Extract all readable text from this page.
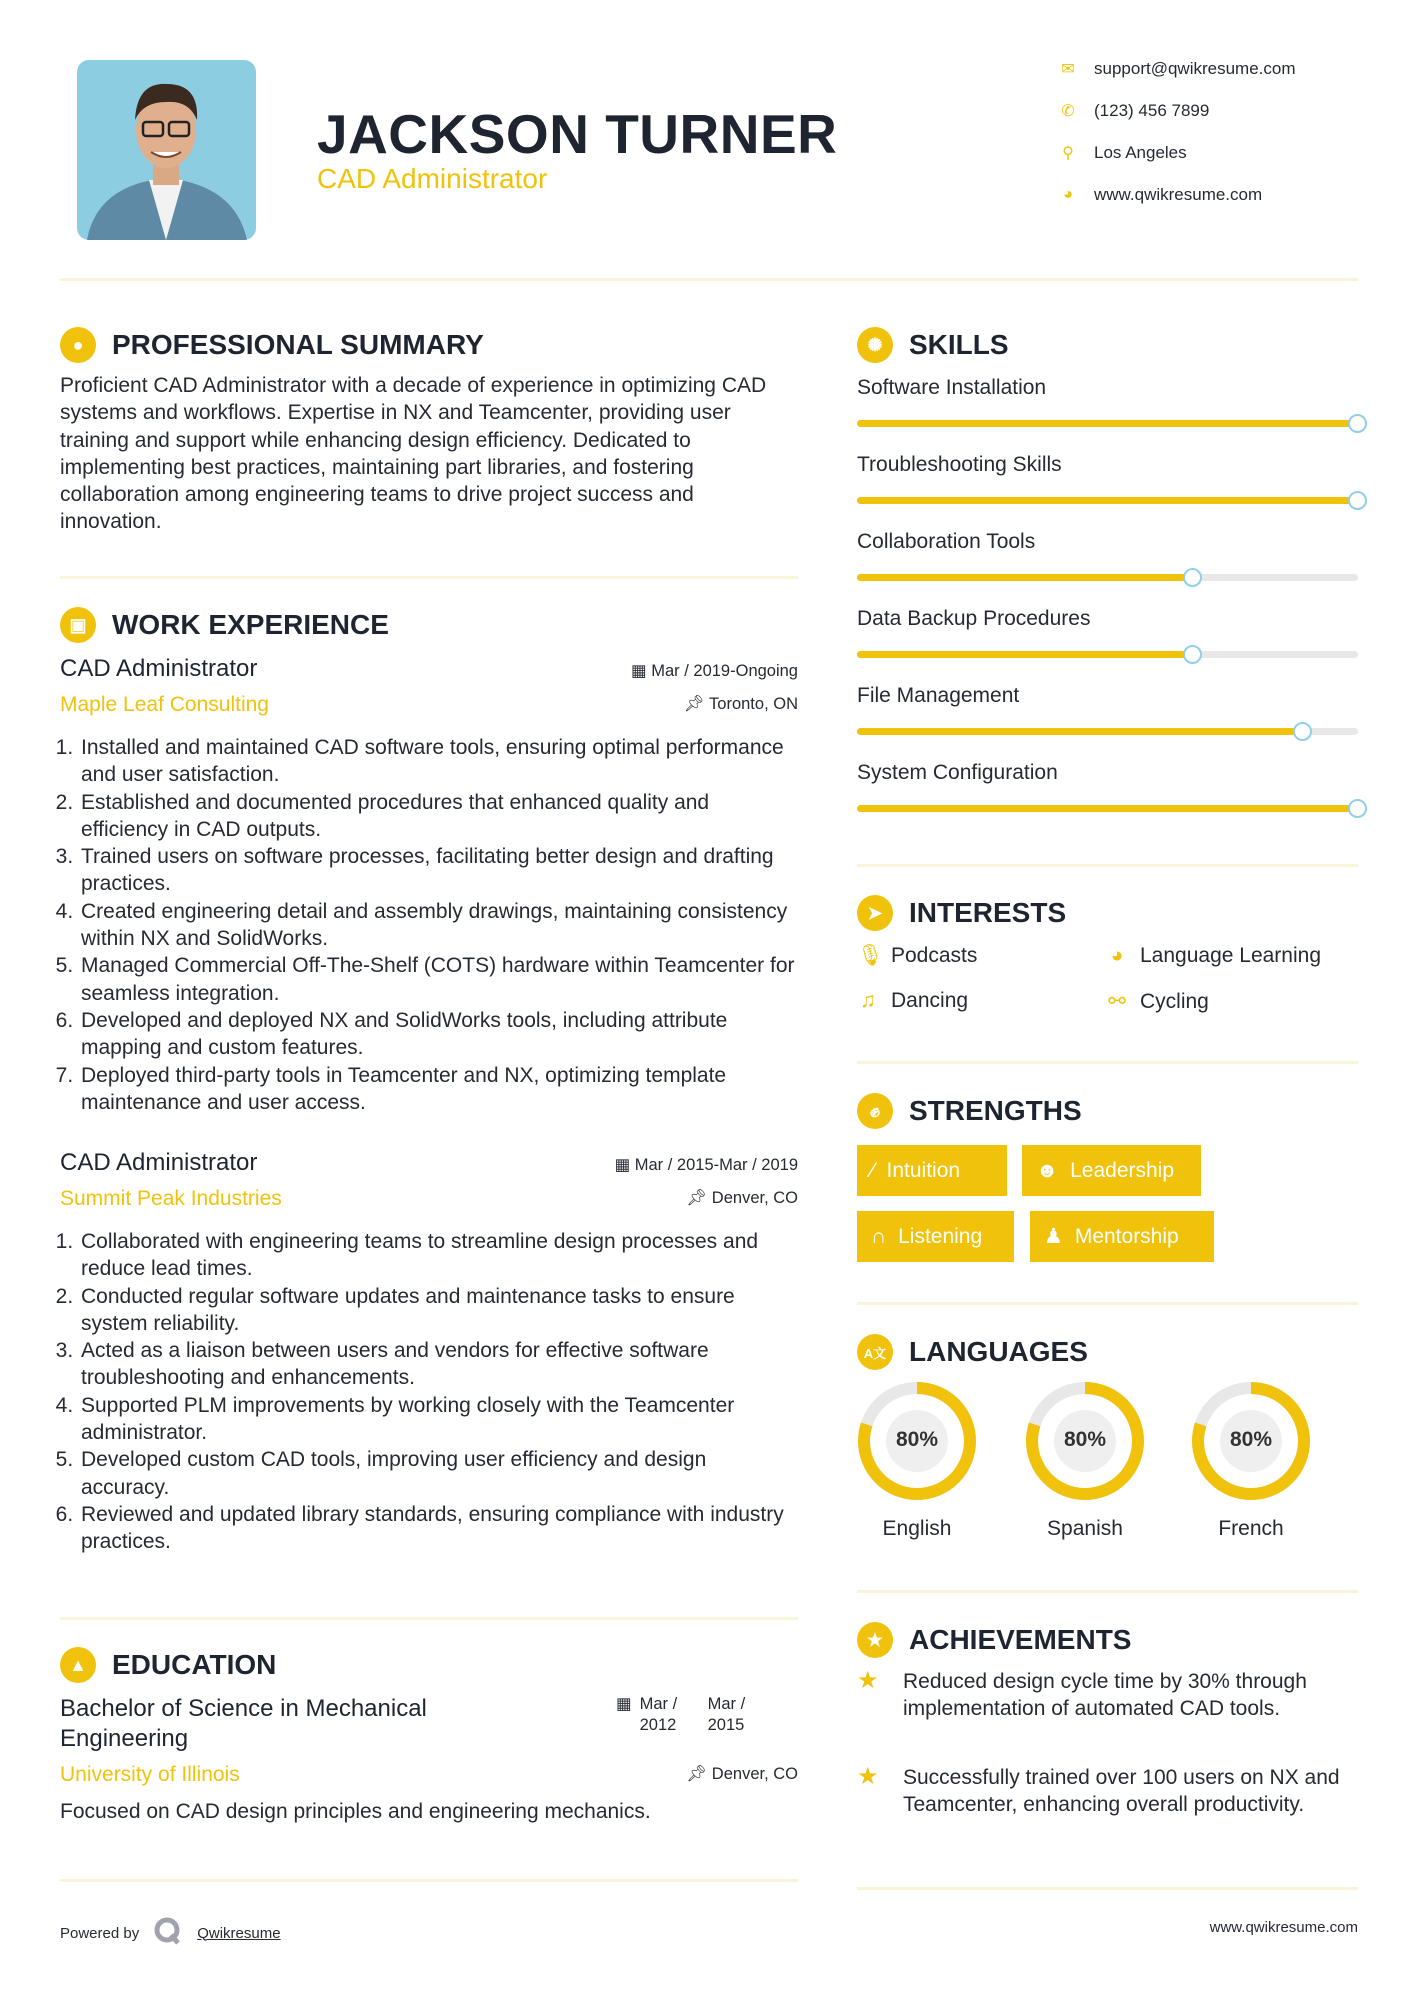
JACKSON TURNER
CAD Administrator
✉ support@qwikresume.com
✆ (123) 456 7899
⚲ Los Angeles
◕	www.qwikresume.com
●	PROFESSIONAL SUMMARY
Proficient CAD Administrator with a decade of experience in optimizing CAD systems and workflows. Expertise in NX and Teamcenter, providing user training and support while enhancing design efficiency. Dedicated to implementing best practices, maintaining part libraries, and fostering collaboration among engineering teams to drive project success and innovation.
▣ WORK EXPERIENCE
CAD Administrator	▦ Mar / 2019-Ongoing
Maple Leaf Consulting	📌︎ Toronto, ON
1. Installed and maintained CAD software tools, ensuring optimal performance and user satisfaction.
2. Established and documented procedures that enhanced quality and efficiency in CAD outputs.
3. Trained users on software processes, facilitating better design and drafting practices.
4. Created engineering detail and assembly drawings, maintaining consistency within NX and SolidWorks.
5. Managed Commercial Off-The-Shelf (COTS) hardware within Teamcenter for seamless integration.
6. Developed and deployed NX and SolidWorks tools, including attribute mapping and custom features.
7. Deployed third-party tools in Teamcenter and NX, optimizing template maintenance and user access.
CAD Administrator	▦ Mar / 2015-Mar / 2019
Summit Peak Industries	📌︎ Denver, CO
1. Collaborated with engineering teams to streamline design processes and reduce lead times.
2. Conducted regular software updates and maintenance tasks to ensure system reliability.
3. Acted as a liaison between users and vendors for effective software troubleshooting and enhancements.
4. Supported PLM improvements by working closely with the Teamcenter administrator.
5. Developed custom CAD tools, improving user efficiency and design accuracy.
6. Reviewed and updated library standards, ensuring compliance with industry practices.
▲ EDUCATION
Bachelor of Science in Mechanical Engineering
▦ Mar / 2012
Mar / 2015
University of Illinois	📌︎ Denver, CO
Focused on CAD design principles and engineering mechanics.
✺ SKILLS
Software Installation
Troubleshooting Skills
Collaboration Tools
Data Backup Procedures
File Management
System Configuration
➤ INTERESTS
🎙 Podcasts	◕ Language Learning
♫ Dancing	⚯ Cycling
✊︎	STRENGTHS
⁄ Intuition	☻ Leadership
∩ Listening	♟ Mentorship
A文 LANGUAGES
80%
English
80%
Spanish
80%
French
★ ACHIEVEMENTS
★ Reduced design cycle time by 30% through implementation of automated CAD tools.
★ Successfully trained over 100 users on NX and Teamcenter, enhancing overall productivity.
Powered by	Qwikresume	www.qwikresume.com
